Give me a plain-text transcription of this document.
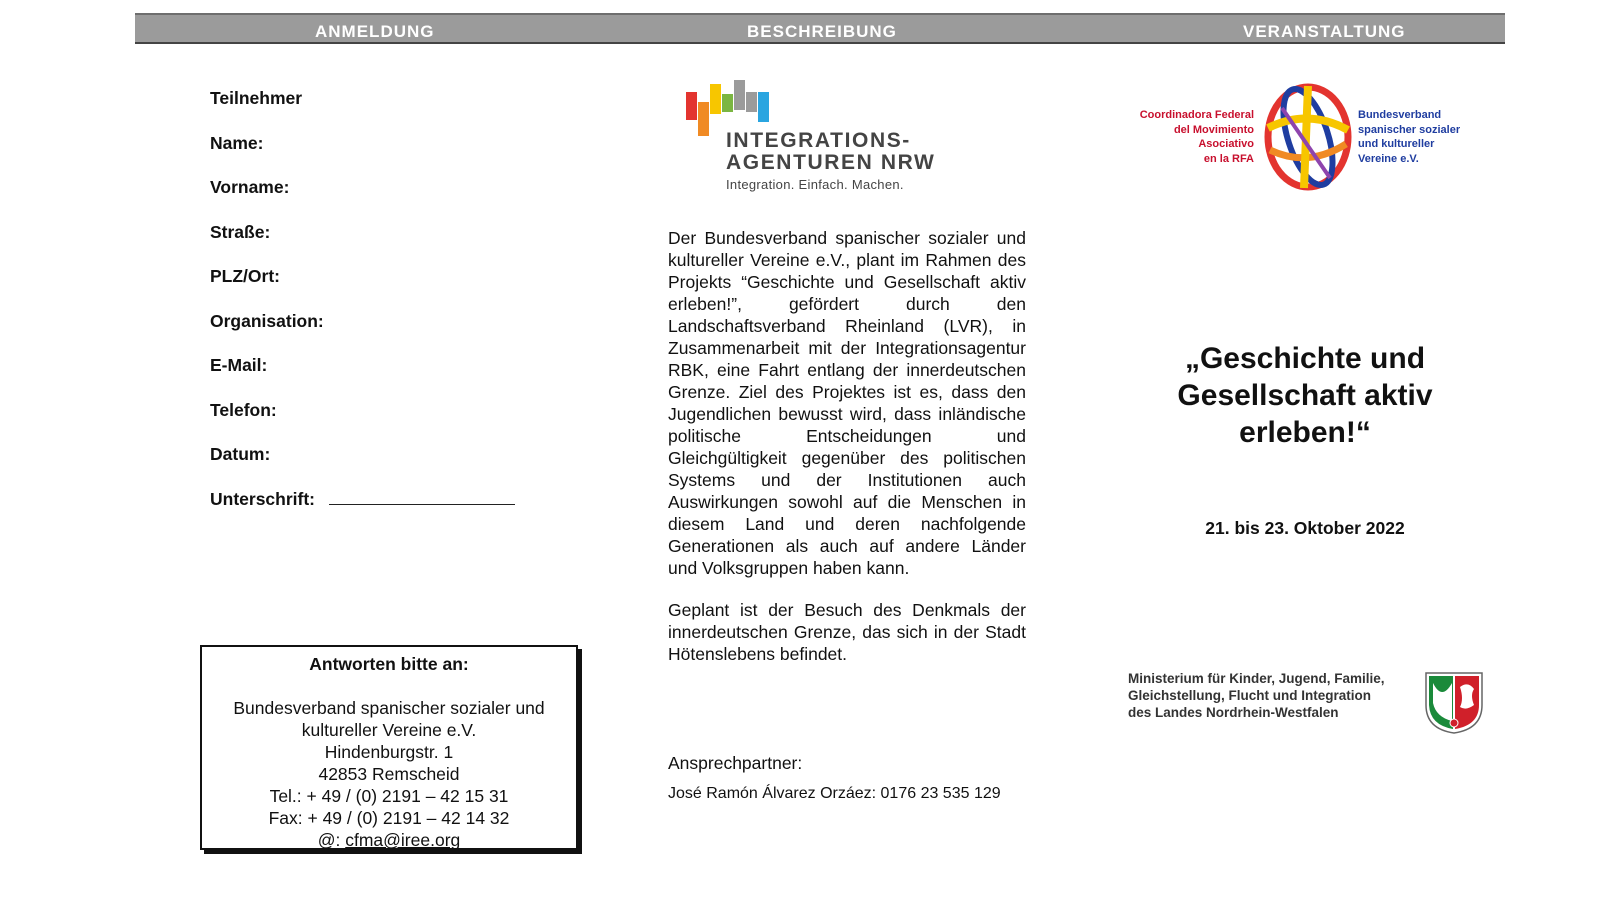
ANMELDUNG	BESCHREIBUNG	VERANSTALTUNG
Teilnehmer
Name:
Vorname:
Straße:
PLZ/Ort:
Organisation:
E-Mail:
Telefon:
Datum:
Unterschrift:
Antworten bitte an:
Bundesverband spanischer sozialer und
kultureller Vereine e.V.
Hindenburgstr. 1
42853 Remscheid
Tel.: + 49 / (0) 2191 – 42 15 31
Fax: + 49 / (0) 2191 – 42 14 32
@: cfma@iree.org
INTEGRATIONS-
AGENTUREN NRW
Integration. Einfach. Machen.

Der Bundesverband spanischer sozialer und kultureller Vereine e.V., plant im Rahmen des Projekts “Geschichte und Gesellschaft aktiv erleben!”, gefördert durch den Landschaftsverband Rheinland (LVR), in Zusammenarbeit mit der Integrationsagentur RBK, eine Fahrt entlang der innerdeutschen Grenze. Ziel des Projektes ist es, dass den Jugendlichen bewusst wird, dass inländische politische Entscheidungen und Gleichgültigkeit gegenüber des politischen Systems und der Institutionen auch Auswirkungen sowohl auf die Menschen in diesem Land und deren nachfolgende Generationen als auch auf andere Länder und Volksgruppen haben kann.

Geplant ist der Besuch des Denkmals der innerdeutschen Grenze, das sich in der Stadt Hötenslebens befindet.

Ansprechpartner:
José Ramón Álvarez Orzáez: 0176 23 535 129
Coordinadora Federal
del Movimiento
Asociativo
en la RFA
Bundesverband
spanischer sozialer
und kultureller
Vereine e.V.
„Geschichte und
Gesellschaft aktiv
erleben!“
21. bis 23. Oktober 2022
Ministerium für Kinder, Jugend, Familie,
Gleichstellung, Flucht und Integration
des Landes Nordrhein-Westfalen
